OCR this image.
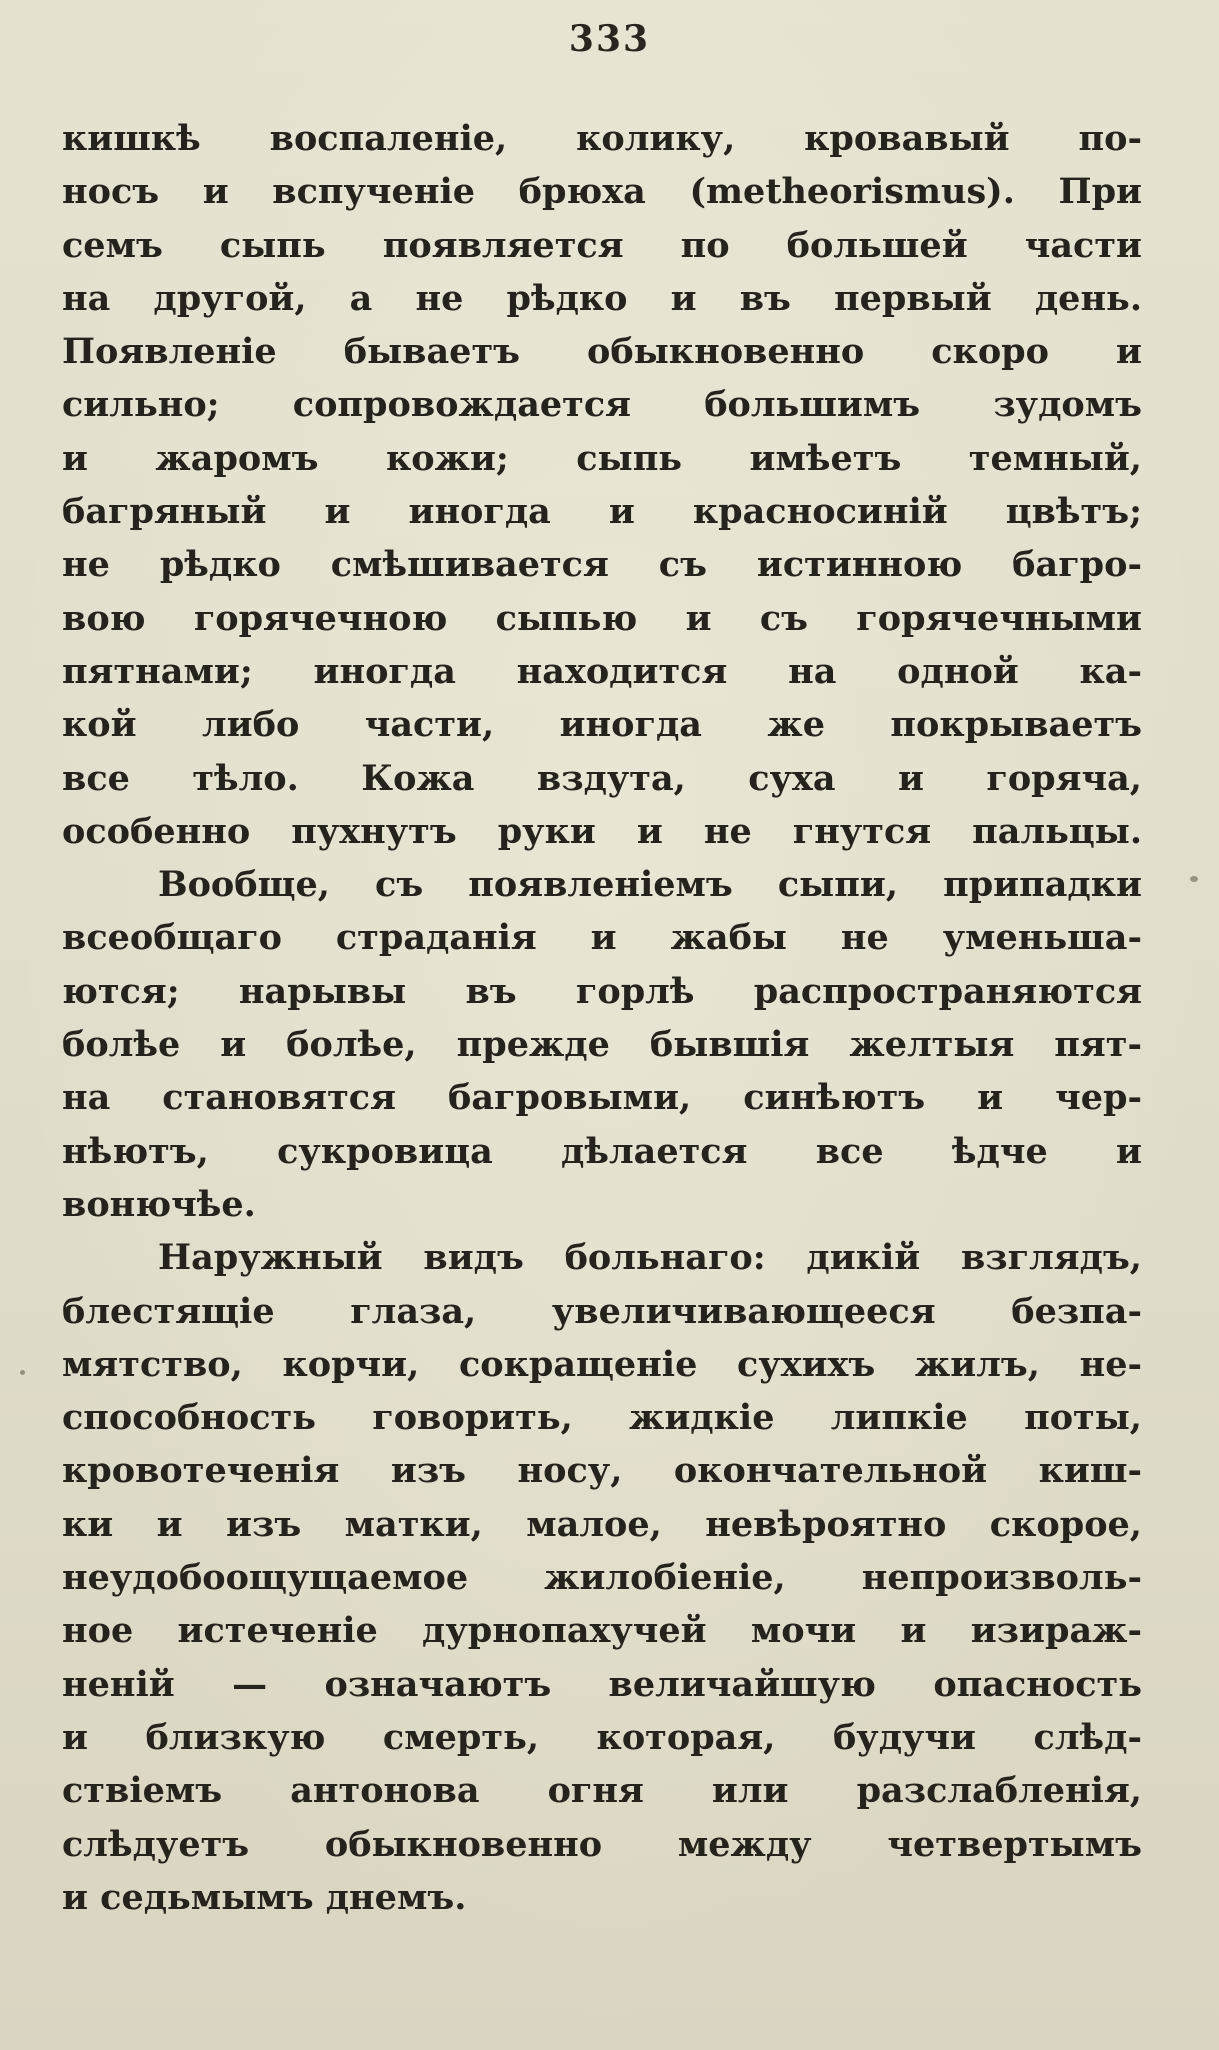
333
кишкѣ воспаленіе, колику, кровавый по-
носъ и вспученіе брюха (metheorismus). При
семъ сыпь появляется по большей части
на другой, а не рѣдко и въ первый день.
Появленіе бываетъ обыкновенно скоро и
сильно; сопровождается большимъ зудомъ
и жаромъ кожи; сыпь имѣетъ темный,
багряный и иногда и красносиній цвѣтъ;
не рѣдко смѣшивается съ истинною багро-
вою горячечною сыпью и съ горячечными
пятнами; иногда находится на одной ка-
кой либо части, иногда же покрываетъ
все тѣло. Кожа вздута, суха и горяча,
особенно пухнутъ руки и не гнутся пальцы.
Вообще, съ появленіемъ сыпи, припадки
всеобщаго страданія и жабы не уменьша-
ются; нарывы въ горлѣ распространяются
болѣе и болѣе, прежде бывшія желтыя пят-
на становятся багровыми, синѣютъ и чер-
нѣютъ, сукровица дѣлается все ѣдче и
вонючѣе.
Наружный видъ больнаго: дикій взглядъ,
блестящіе глаза, увеличивающееся безпа-
мятство, корчи, сокращеніе сухихъ жилъ, не-
способность говорить, жидкіе липкіе поты,
кровотеченія изъ носу, окончательной киш-
ки и изъ матки, малое, невѣроятно скорое,
неудобоощущаемое жилобіеніе, непроизволь-
ное истеченіе дурнопахучей мочи и изираж-
неній — означаютъ величайшую опасность
и близкую смерть, которая, будучи слѣд-
ствіемъ антонова огня или разслабленія,
слѣдуетъ обыкновенно между четвертымъ
и седьмымъ днемъ.
